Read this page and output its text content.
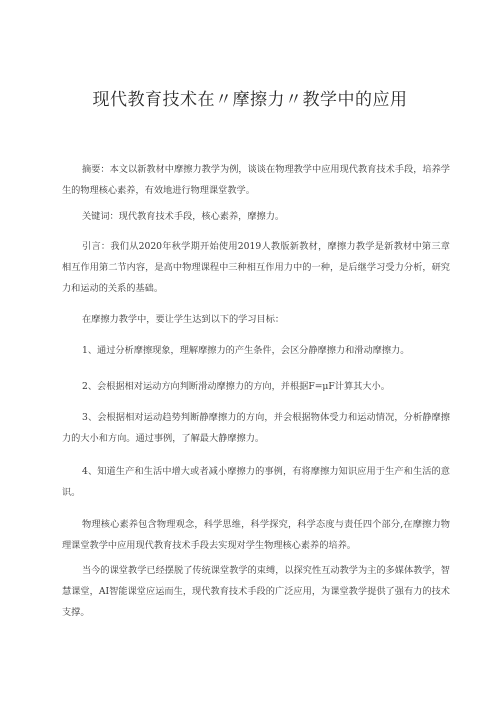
现代教育技术在〃摩擦力〃教学中的应用
摘要：本文以新教材中摩擦力教学为例，谈谈在物理教学中应用现代教育技术手段，培养学生的物理核心素养，有效地进行物理课堂教学。
关键词：现代教育技术手段，核心素养，摩擦力。
引言：我们从2020年秋学期开始使用2019人教版新教材，摩擦力教学是新教材中第三章相互作用第二节内容，是高中物理课程中三种相互作用力中的一种，是后继学习受力分析，研究力和运动的关系的基础。
在摩擦力教学中，要让学生达到以下的学习目标：
1、通过分析摩擦现象，理解摩擦力的产生条件，会区分静摩擦力和滑动摩擦力。
2、会根据相对运动方向判断滑动摩擦力的方向，并根据F=μF计算其大小。
3、会根据相对运动趋势判断静摩擦力的方向，并会根据物体受力和运动情况，分析静摩擦力的大小和方向。通过事例，了解最大静摩擦力。
4、知道生产和生活中增大或者减小摩擦力的事例，有将摩擦力知识应用于生产和生活的意识。
物理核心素养包含物理观念，科学思维，科学探究，科学态度与责任四个部分,在摩擦力物理课堂教学中应用现代教育技术手段去实现对学生物理核心素养的培养。
当今的课堂教学已经摆脱了传统课堂教学的束缚，以探究性互动教学为主的多媒体教学，智慧课堂，AI智能课堂应运而生，现代教育技术手段的广泛应用，为课堂教学提供了强有力的技术支撑。
